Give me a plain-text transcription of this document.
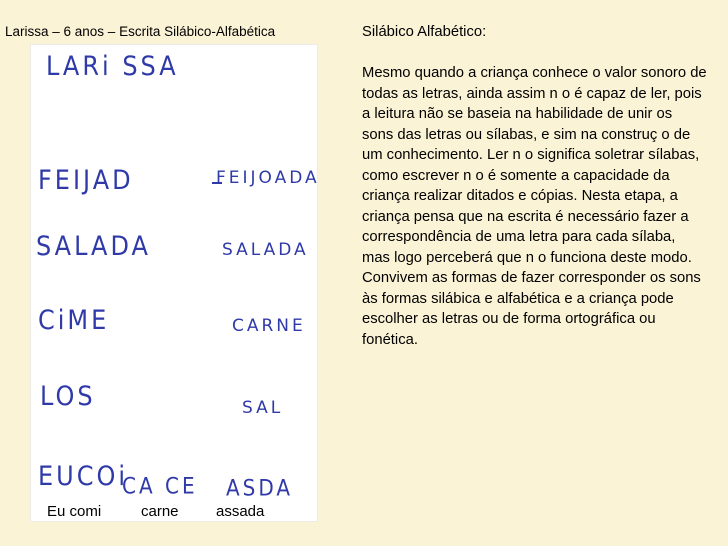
Larissa – 6 anos – Escrita Silábico-Alfabética
LARi SSA
FEIJAD	FEIJOADA
SALADA	SALADA
CiME	CARNE
LOS	SAL
EUCOi
CA CE ASDA
Eu comi	carne assada

Silábico Alfabético:

Mesmo quando a criança conhece o valor sonoro de todas as letras, ainda assim n o é capaz de ler, pois a leitura não se baseia na habilidade de unir os sons das letras ou sílabas, e sim na construç o de um conhecimento. Ler n o significa soletrar sílabas, como escrever n o é somente a capacidade da criança realizar ditados e cópias. Nesta etapa, a criança pensa que na escrita é necessário fazer a correspondência de uma letra para cada sílaba, mas logo perceberá que n o funciona deste modo. Convivem as formas de fazer corresponder os sons às formas silábica e alfabética e a criança pode escolher as letras ou de forma ortográfica ou fonética.
